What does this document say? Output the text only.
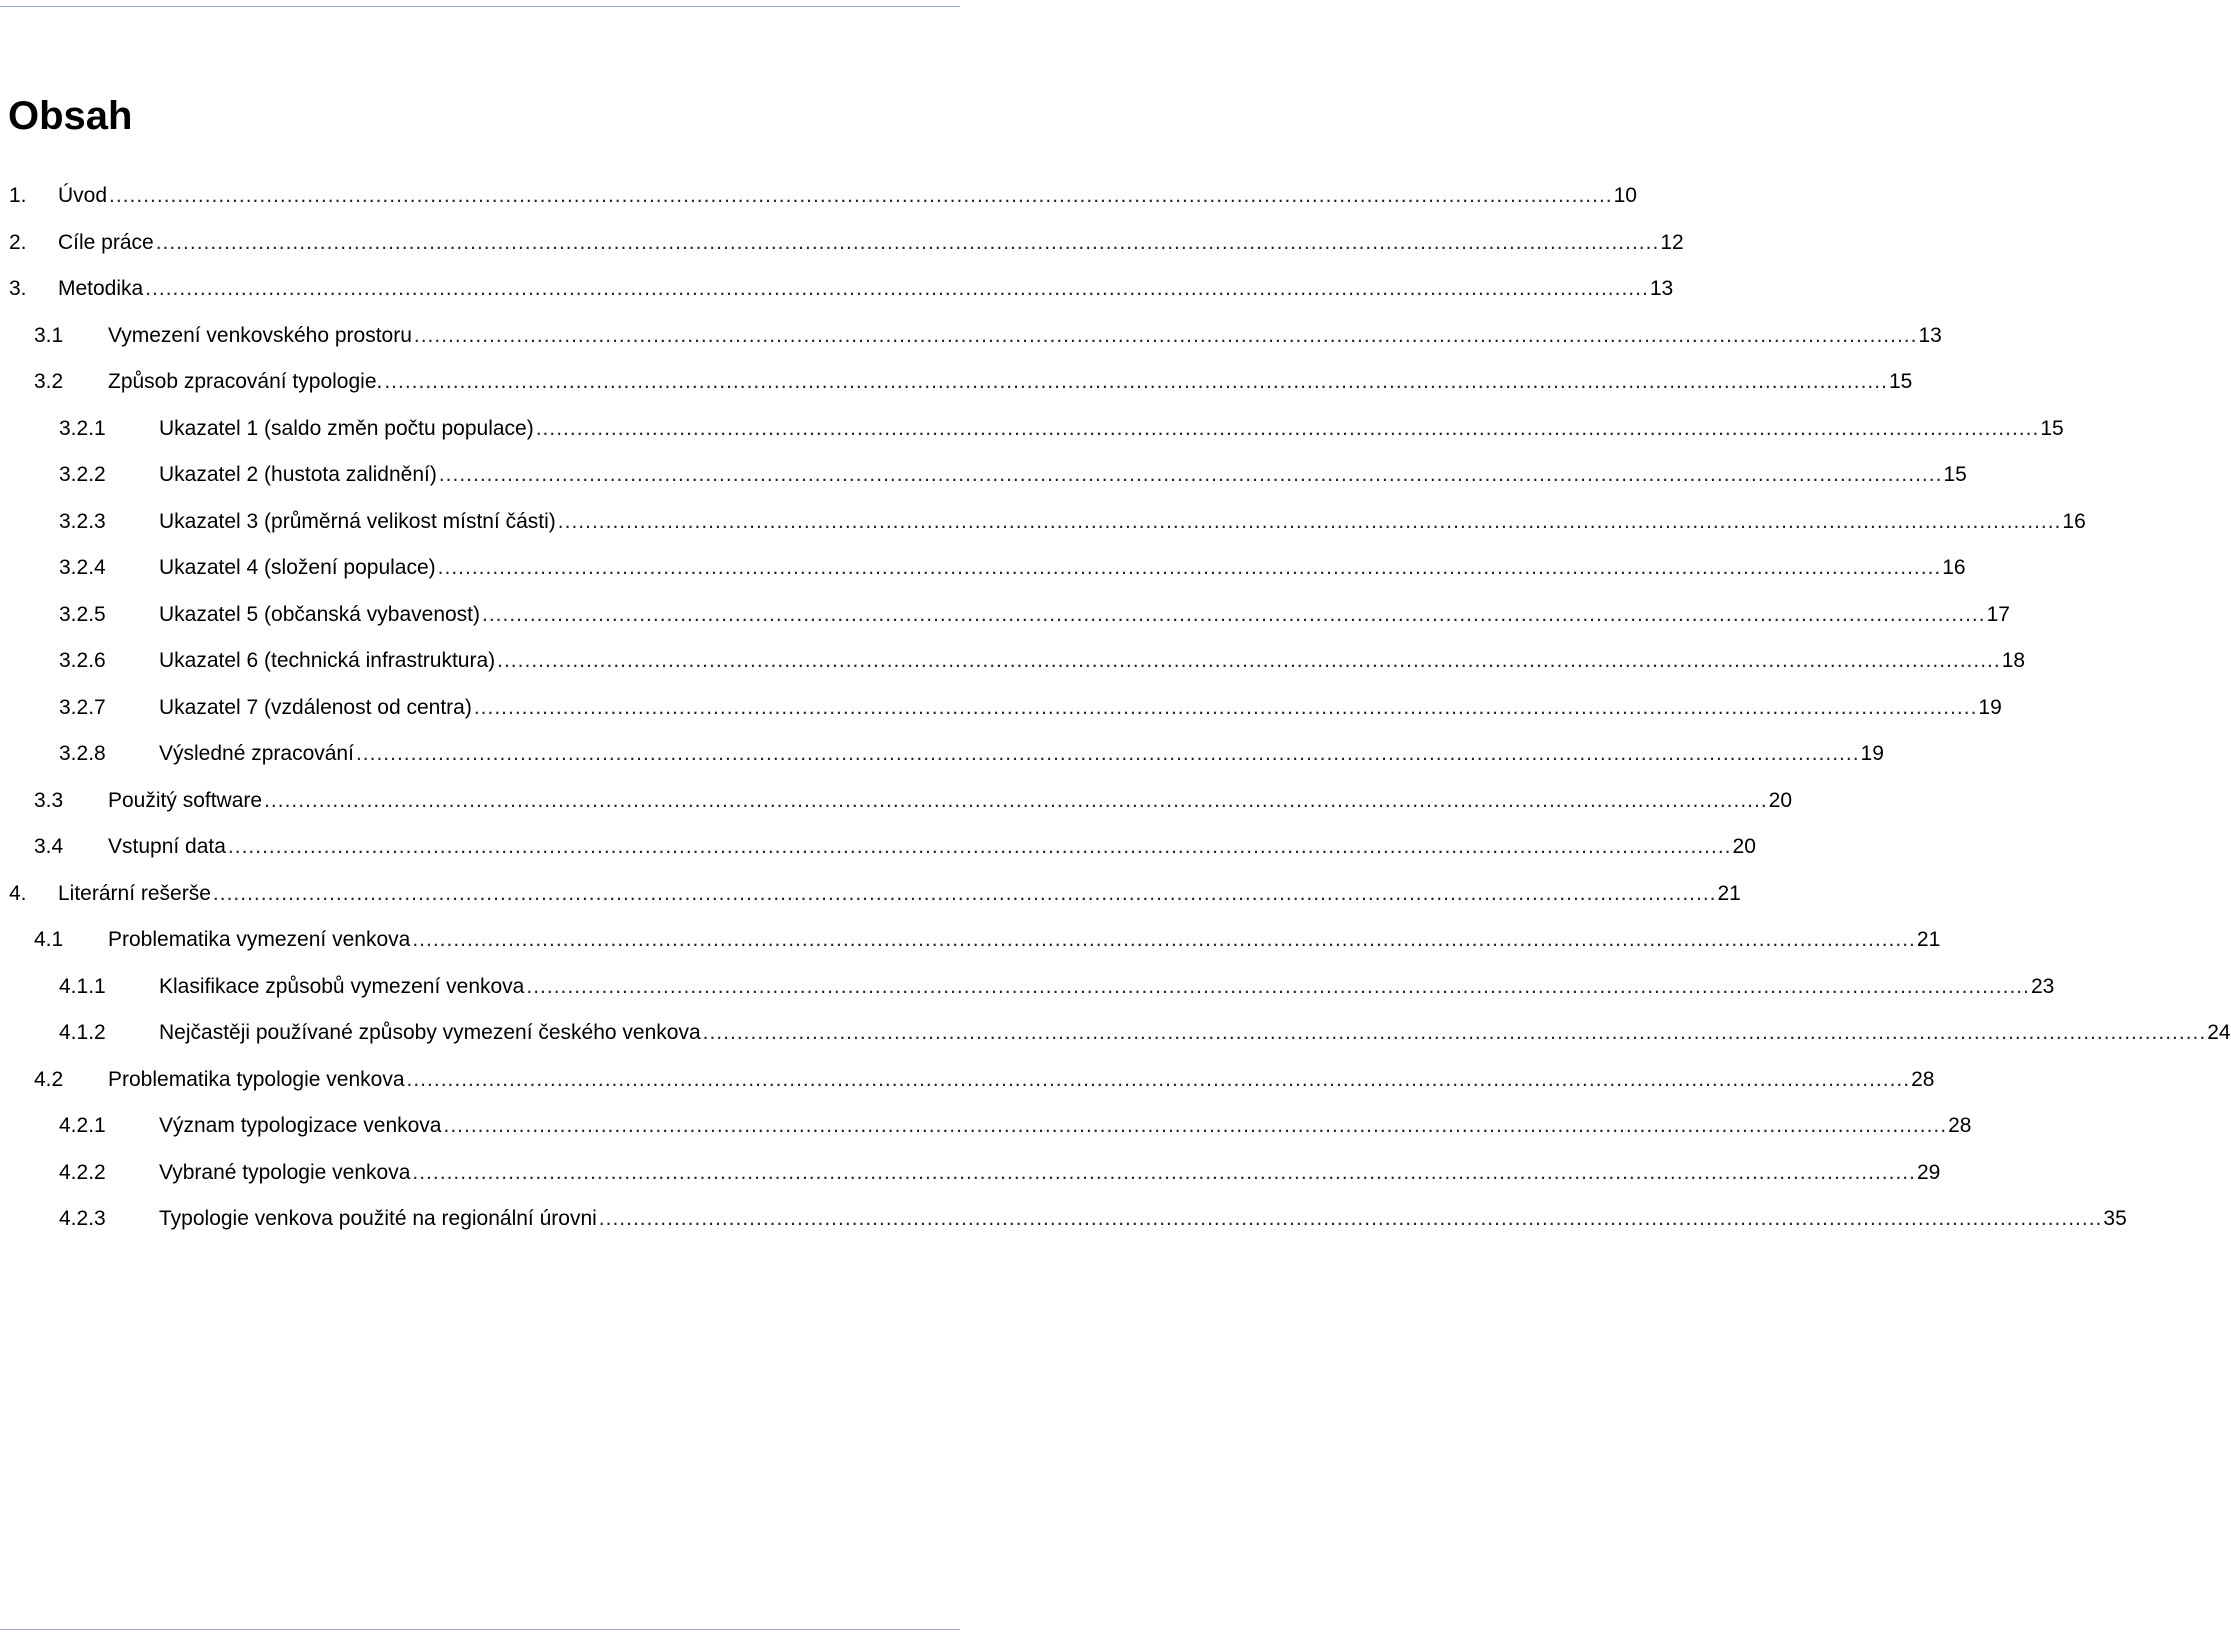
Obsah
1. Úvod ............................................................................................................................................................................................................................ 10
2. Cíle práce ............................................................................................................................................................................................................................ 12
3. Metodika ............................................................................................................................................................................................................................ 13
3.1 Vymezení venkovského prostoru ............................................................................................................................................................................................................................ 13
3.2 Způsob zpracování typologie. ............................................................................................................................................................................................................................ 15
3.2.1	Ukazatel 1 (saldo změn počtu populace) ............................................................................................................................................................................................................................ 15
3.2.2	Ukazatel 2 (hustota zalidnění) ............................................................................................................................................................................................................................ 15
3.2.3	Ukazatel 3 (průměrná velikost místní části) ............................................................................................................................................................................................................................ 16
3.2.4	Ukazatel 4 (složení populace) ............................................................................................................................................................................................................................ 16
3.2.5	Ukazatel 5 (občanská vybavenost) ............................................................................................................................................................................................................................ 17
3.2.6	Ukazatel 6 (technická infrastruktura) ............................................................................................................................................................................................................................ 18
3.2.7	Ukazatel 7 (vzdálenost od centra) ............................................................................................................................................................................................................................ 19
3.2.8	Výsledné zpracování ............................................................................................................................................................................................................................ 19
3.3 Použitý software ............................................................................................................................................................................................................................ 20
3.4 Vstupní data ............................................................................................................................................................................................................................ 20
4. Literární rešerše ............................................................................................................................................................................................................................ 21
4.1 Problematika vymezení venkova ............................................................................................................................................................................................................................ 21
4.1.1	Klasifikace způsobů vymezení venkova ............................................................................................................................................................................................................................ 23
4.1.2	Nejčastěji používané způsoby vymezení českého venkova ............................................................................................................................................................................................................................ 24
4.2 Problematika typologie venkova ............................................................................................................................................................................................................................ 28
4.2.1	Význam typologizace venkova ............................................................................................................................................................................................................................ 28
4.2.2	Vybrané typologie venkova ............................................................................................................................................................................................................................ 29
4.2.3	Typologie venkova použité na regionální úrovni ............................................................................................................................................................................................................................ 35
